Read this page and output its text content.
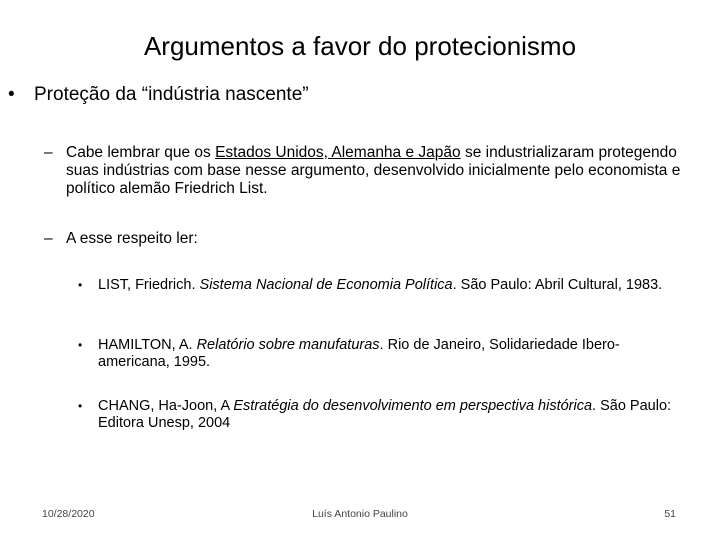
Argumentos a favor do protecionismo
•	Proteção da “indústria nascente”
– Cabe lembrar que os Estados Unidos, Alemanha e Japão se industrializaram protegendo suas indústrias com base nesse argumento, desenvolvido inicialmente pelo economista e político alemão Friedrich List.
– A esse respeito ler:
•	LIST, Friedrich. Sistema Nacional de Economia Política. São Paulo: Abril Cultural, 1983.
•	HAMILTON, A. Relatório sobre manufaturas. Rio de Janeiro, Solidariedade Ibero-americana, 1995.
•	CHANG, Ha-Joon, A Estratégia do desenvolvimento em perspectiva histórica. São Paulo: Editora Unesp, 2004
10/28/2020	Luís Antonio Paulino	51
